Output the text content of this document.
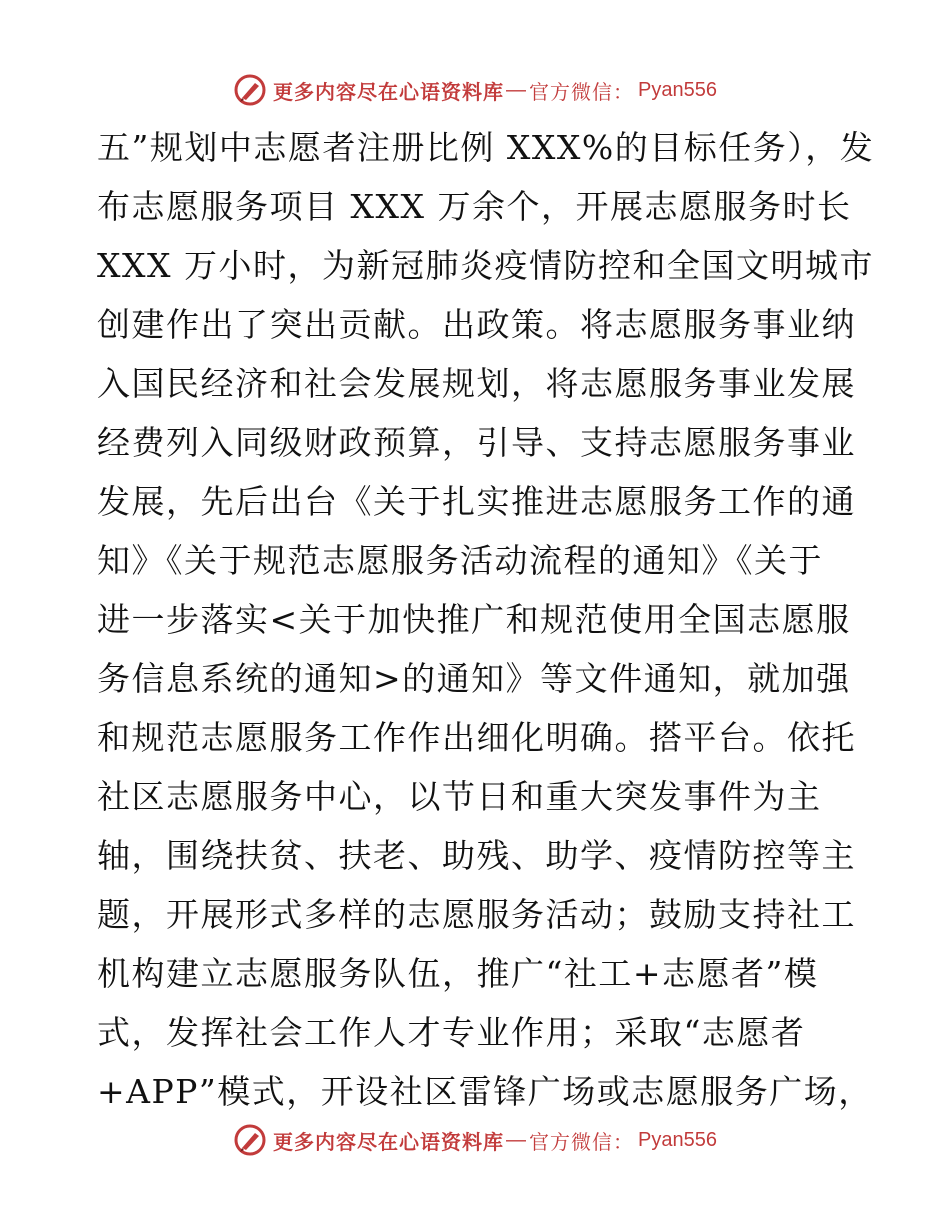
更多内容尽在心语资料库 — 官方微信： Pyan556
五”规划中志愿者注册比例 XXX%的目标任务），发
布志愿服务项目 XXX 万余个，开展志愿服务时长
XXX 万小时，为新冠肺炎疫情防控和全国文明城市
创建作出了突出贡献。出政策。将志愿服务事业纳
入国民经济和社会发展规划，将志愿服务事业发展
经费列入同级财政预算，引导、支持志愿服务事业
发展，先后出台《关于扎实推进志愿服务工作的通
知》《关于规范志愿服务活动流程的通知》《关于
进一步落实<关于加快推广和规范使用全国志愿服
务信息系统的通知>的通知》等文件通知，就加强
和规范志愿服务工作作出细化明确。搭平台。依托
社区志愿服务中心，以节日和重大突发事件为主
轴，围绕扶贫、扶老、助残、助学、疫情防控等主
题，开展形式多样的志愿服务活动；鼓励支持社工
机构建立志愿服务队伍，推广“社工+志愿者”模
式，发挥社会工作人才专业作用；采取“志愿者
+APP”模式，开设社区雷锋广场或志愿服务广场，
更多内容尽在心语资料库 — 官方微信： Pyan556
